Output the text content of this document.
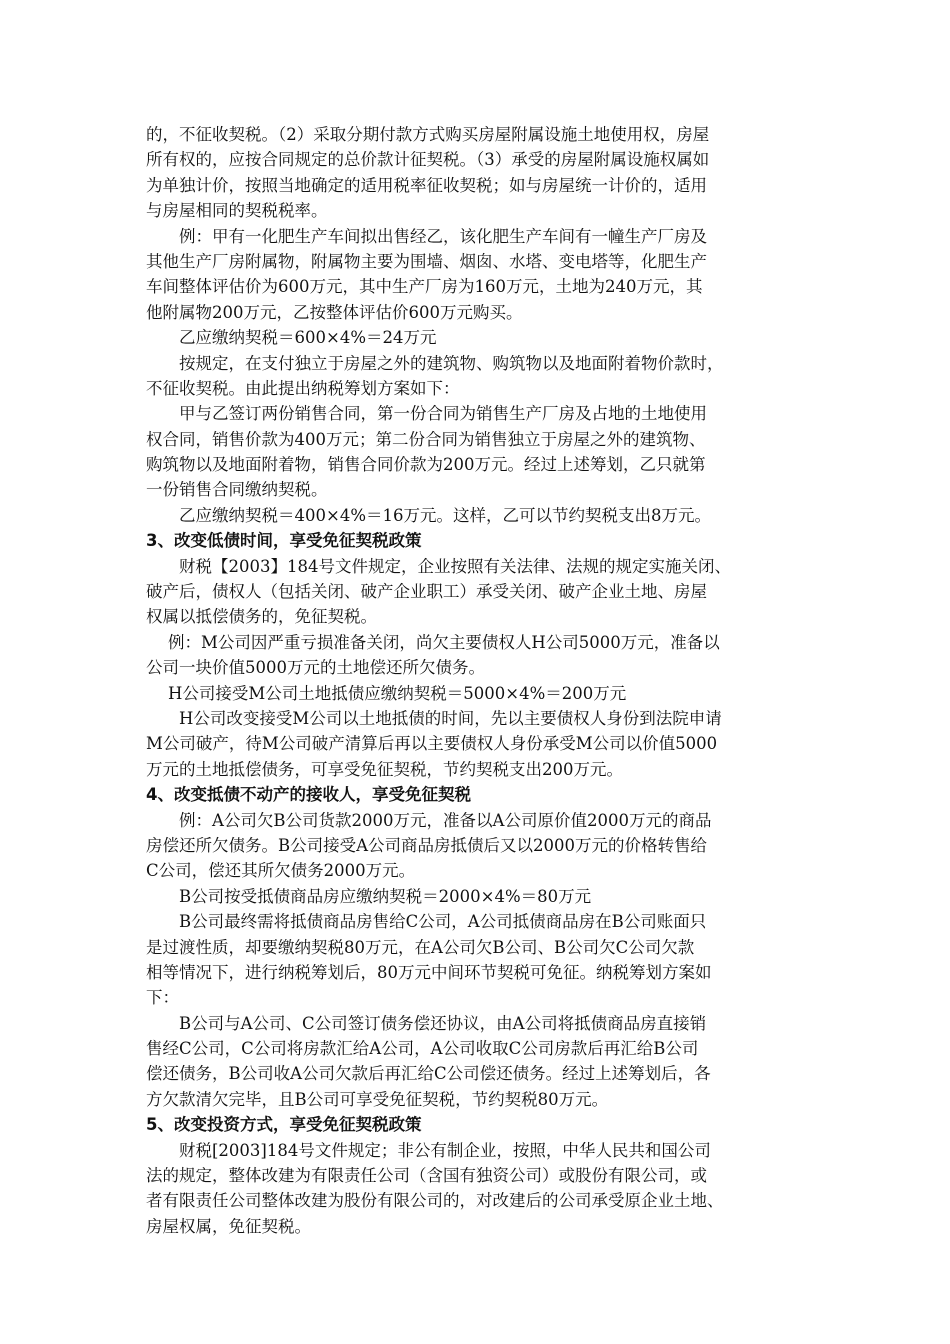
的，不征收契税。（2）采取分期付款方式购买房屋附属设施土地使用权，房屋
所有权的，应按合同规定的总价款计征契税。（3）承受的房屋附属设施权属如
为单独计价，按照当地确定的适用税率征收契税；如与房屋统一计价的，适用
与房屋相同的契税税率。
例：甲有一化肥生产车间拟出售经乙，该化肥生产车间有一幢生产厂房及
其他生产厂房附属物，附属物主要为围墙、烟囱、水塔、变电塔等，化肥生产
车间整体评估价为600万元，其中生产厂房为160万元，土地为240万元，其
他附属物200万元，乙按整体评估价600万元购买。
乙应缴纳契税＝600×4%＝24万元
按规定，在支付独立于房屋之外的建筑物、购筑物以及地面附着物价款时，
不征收契税。由此提出纳税筹划方案如下：
甲与乙签订两份销售合同，第一份合同为销售生产厂房及占地的土地使用
权合同，销售价款为400万元；第二份合同为销售独立于房屋之外的建筑物、
购筑物以及地面附着物，销售合同价款为200万元。经过上述筹划，乙只就第
一份销售合同缴纳契税。
乙应缴纳契税＝400×4%＝16万元。这样，乙可以节约契税支出8万元。
3、改变低债时间，享受免征契税政策
财税【2003】184号文件规定，企业按照有关法律、法规的规定实施关闭、
破产后，债权人（包括关闭、破产企业职工）承受关闭、破产企业土地、房屋
权属以抵偿债务的，免征契税。
例：M公司因严重亏损准备关闭，尚欠主要债权人H公司5000万元，准备以
公司一块价值5000万元的土地偿还所欠债务。
H公司接受M公司土地抵债应缴纳契税＝5000×4%＝200万元
H公司改变接受M公司以土地抵债的时间，先以主要债权人身份到法院申请
M公司破产，待M公司破产清算后再以主要债权人身份承受M公司以价值5000
万元的土地抵偿债务，可享受免征契税，节约契税支出200万元。
4、改变抵债不动产的接收人，享受免征契税
例：A公司欠B公司货款2000万元，准备以A公司原价值2000万元的商品
房偿还所欠债务。B公司接受A公司商品房抵债后又以2000万元的价格转售给
C公司，偿还其所欠债务2000万元。
B公司按受抵债商品房应缴纳契税＝2000×4%＝80万元
B公司最终需将抵债商品房售给C公司，A公司抵债商品房在B公司账面只
是过渡性质，却要缴纳契税80万元，在A公司欠B公司、B公司欠C公司欠款
相等情况下，进行纳税筹划后，80万元中间环节契税可免征。纳税筹划方案如
下：
B公司与A公司、C公司签订债务偿还协议，由A公司将抵债商品房直接销
售经C公司，C公司将房款汇给A公司，A公司收取C公司房款后再汇给B公司
偿还债务，B公司收A公司欠款后再汇给C公司偿还债务。经过上述筹划后，各
方欠款清欠完毕，且B公司可享受免征契税，节约契税80万元。
5、改变投资方式，享受免征契税政策
财税[2003]184号文件规定；非公有制企业，按照，中华人民共和国公司
法的规定，整体改建为有限责任公司（含国有独资公司）或股份有限公司，或
者有限责任公司整体改建为股份有限公司的，对改建后的公司承受原企业土地、
房屋权属，免征契税。
